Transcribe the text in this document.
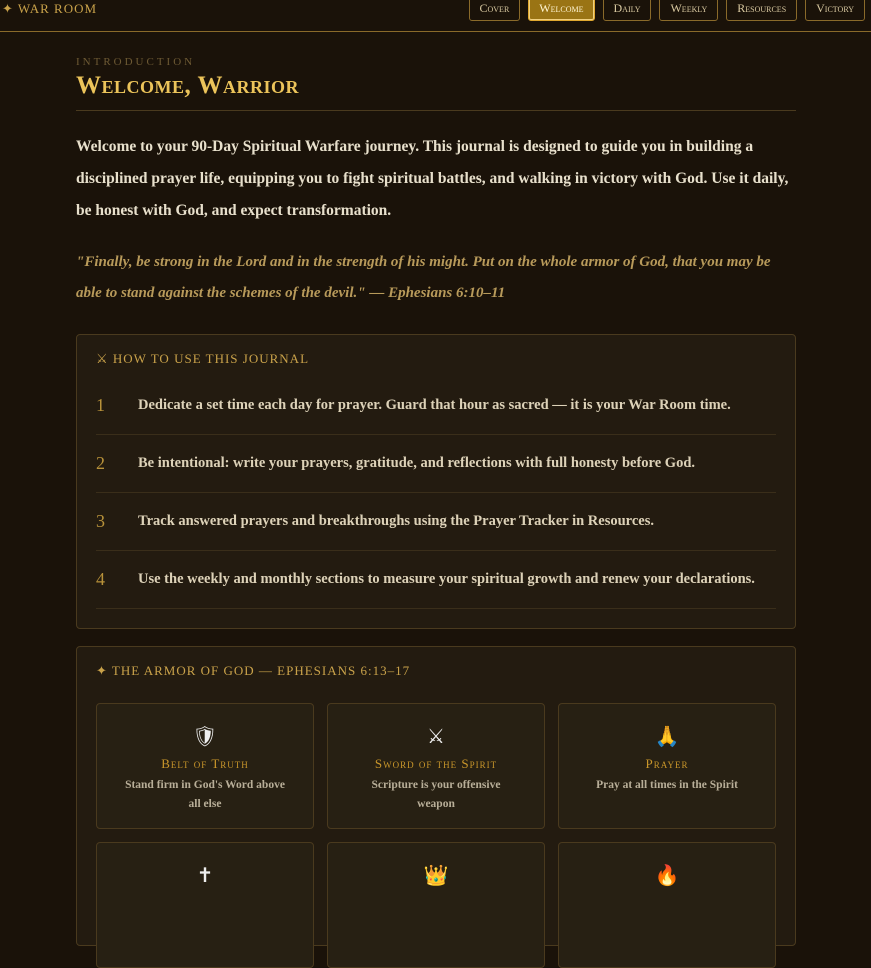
✦ WAR ROOM	Cover	Welcome	Daily	Weekly	Resources	Victory
INTRODUCTION
Welcome, Warrior

Welcome to your 90-Day Spiritual Warfare journey. This journal is designed to guide you in building a disciplined prayer life, equipping you to fight spiritual battles, and walking in victory with God. Use it daily, be honest with God, and expect transformation.

"Finally, be strong in the Lord and in the strength of his might. Put on the whole armor of God, that you may be able to stand against the schemes of the devil." — Ephesians 6:10–11

⚔ HOW TO USE THIS JOURNAL
1	Dedicate a set time each day for prayer. Guard that hour as sacred — it is your War Room time.
2	Be intentional: write your prayers, gratitude, and reflections with full honesty before God.
3	Track answered prayers and breakthroughs using the Prayer Tracker in Resources.
4	Use the weekly and monthly sections to measure your spiritual growth and renew your declarations.
✦ THE ARMOR OF GOD — EPHESIANS 6:13–17
🛡
Belt of Truth
Stand firm in God's Word above all else
⚔
Sword of the Spirit
Scripture is your offensive weapon
🙏
Prayer
Pray at all times in the Spirit
✝	👑	🔥
